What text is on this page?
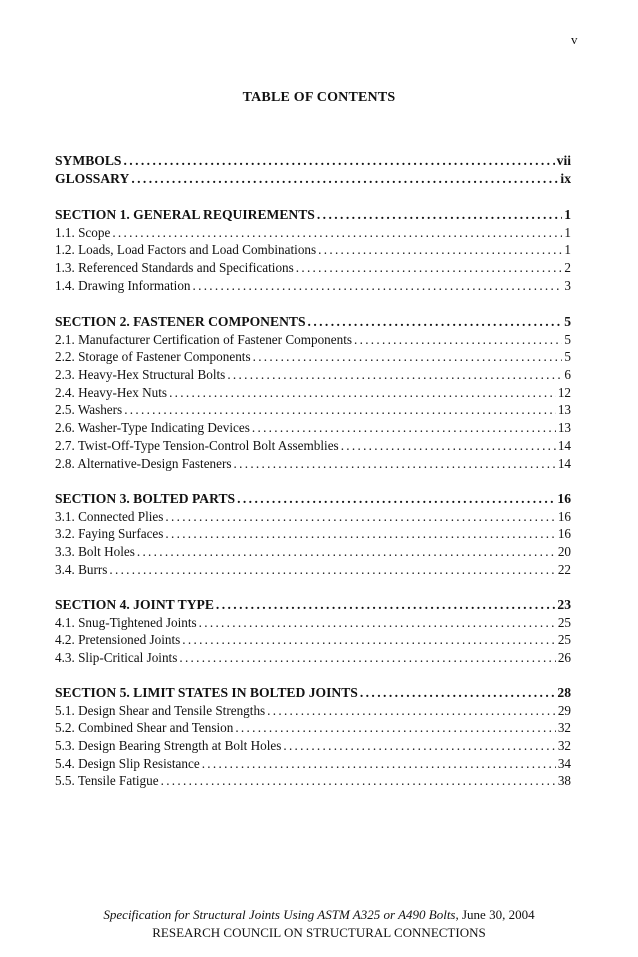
v
TABLE OF CONTENTS
SYMBOLS . . .	vii
GLOSSARY . . .	ix
SECTION 1. GENERAL REQUIREMENTS . . .	1
1.1. Scope . . .	1
1.2. Loads, Load Factors and Load Combinations . . .	1
1.3. Referenced Standards and Specifications . . .	2
1.4. Drawing Information . . .	3
SECTION 2. FASTENER COMPONENTS . . .	5
2.1. Manufacturer Certification of Fastener Components . . .	5
2.2. Storage of Fastener Components . . .	5
2.3. Heavy-Hex Structural Bolts . . .	6
2.4. Heavy-Hex Nuts . . .	12
2.5. Washers . . .	13
2.6. Washer-Type Indicating Devices . . .	13
2.7. Twist-Off-Type Tension-Control Bolt Assemblies . . .	14
2.8. Alternative-Design Fasteners . . .	14
SECTION 3. BOLTED PARTS . . .	16
3.1. Connected Plies . . .	16
3.2. Faying Surfaces . . .	16
3.3. Bolt Holes . . .	20
3.4. Burrs . . .	22
SECTION 4. JOINT TYPE . . .	23
4.1. Snug-Tightened Joints . . .	25
4.2. Pretensioned Joints . . .	25
4.3. Slip-Critical Joints . . .	26
SECTION 5. LIMIT STATES IN BOLTED JOINTS . . .	28
5.1. Design Shear and Tensile Strengths . . .	29
5.2. Combined Shear and Tension . . .	32
5.3. Design Bearing Strength at Bolt Holes . . .	32
5.4. Design Slip Resistance . . .	34
5.5. Tensile Fatigue . . .	38
Specification for Structural Joints Using ASTM A325 or A490 Bolts, June 30, 2004
RESEARCH COUNCIL ON STRUCTURAL CONNECTIONS
